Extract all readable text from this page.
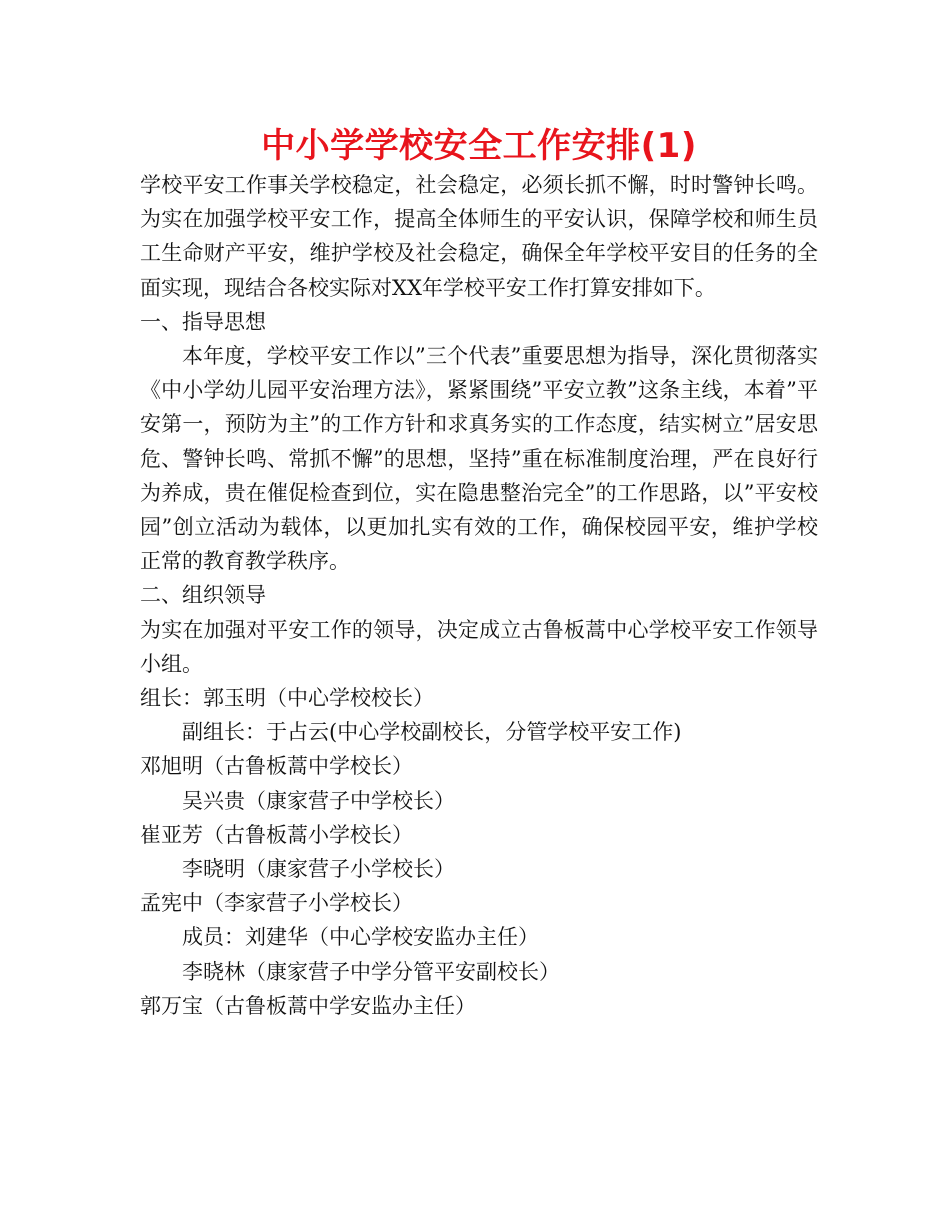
中小学学校安全工作安排(1)

学校平安工作事关学校稳定，社会稳定，必须长抓不懈，时时警钟长鸣。为实在加强学校平安工作，提高全体师生的平安认识，保障学校和师生员工生命财产平安，维护学校及社会稳定，确保全年学校平安目的任务的全面实现，现结合各校实际对XX年学校平安工作打算安排如下。

一、指导思想

本年度，学校平安工作以”三个代表”重要思想为指导，深化贯彻落实《中小学幼儿园平安治理方法》，紧紧围绕”平安立教”这条主线，本着”平安第一，预防为主”的工作方针和求真务实的工作态度，结实树立”居安思危、警钟长鸣、常抓不懈”的思想，坚持”重在标准制度治理，严在良好行为养成，贵在催促检查到位，实在隐患整治完全”的工作思路，以”平安校园”创立活动为载体，以更加扎实有效的工作，确保校园平安，维护学校正常的教育教学秩序。

二、组织领导

为实在加强对平安工作的领导，决定成立古鲁板蒿中心学校平安工作领导小组。

组长：郭玉明（中心学校校长）

副组长：于占云(中心学校副校长，分管学校平安工作)

邓旭明（古鲁板蒿中学校长）

吴兴贵（康家营子中学校长）

崔亚芳（古鲁板蒿小学校长）

李晓明（康家营子小学校长）

孟宪中（李家营子小学校长）

成员：刘建华（中心学校安监办主任）

李晓林（康家营子中学分管平安副校长）

郭万宝（古鲁板蒿中学安监办主任）
